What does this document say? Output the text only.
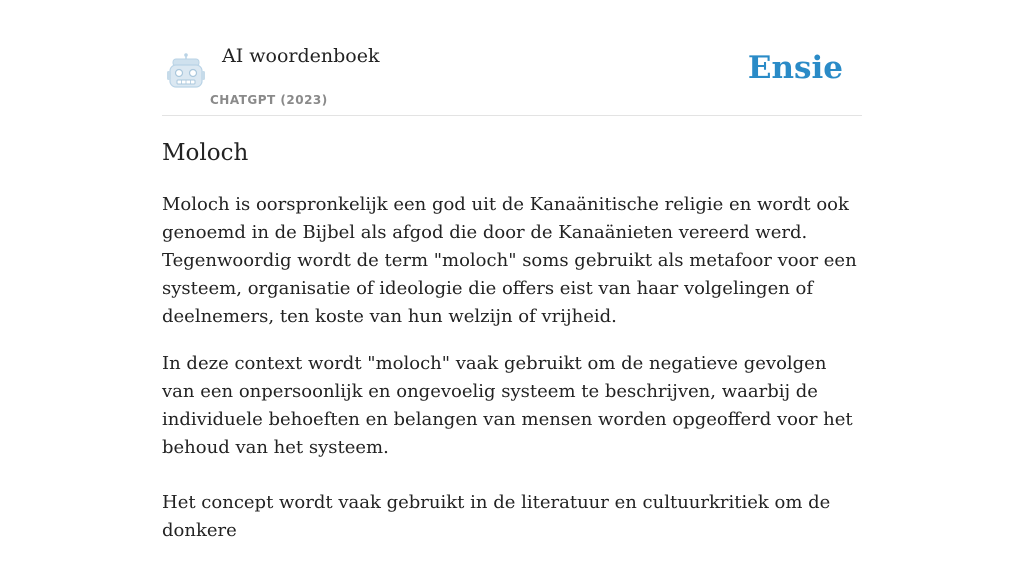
AI woordenboek
CHATGPT (2023)
Ensie
Moloch

Moloch is oorspronkelijk een god uit de Kanaänitische religie en wordt ook genoemd in de Bijbel als afgod die door de Kanaänieten vereerd werd. Tegenwoordig wordt de term "moloch" soms gebruikt als metafoor voor een systeem, organisatie of ideologie die offers eist van haar volgelingen of deelnemers, ten koste van hun welzijn of vrijheid.

In deze context wordt "moloch" vaak gebruikt om de negatieve gevolgen van een onpersoonlijk en ongevoelig systeem te beschrijven, waarbij de individuele behoeften en belangen van mensen worden opgeofferd voor het behoud van het systeem.

Het concept wordt vaak gebruikt in de literatuur en cultuurkritiek om de donkere
